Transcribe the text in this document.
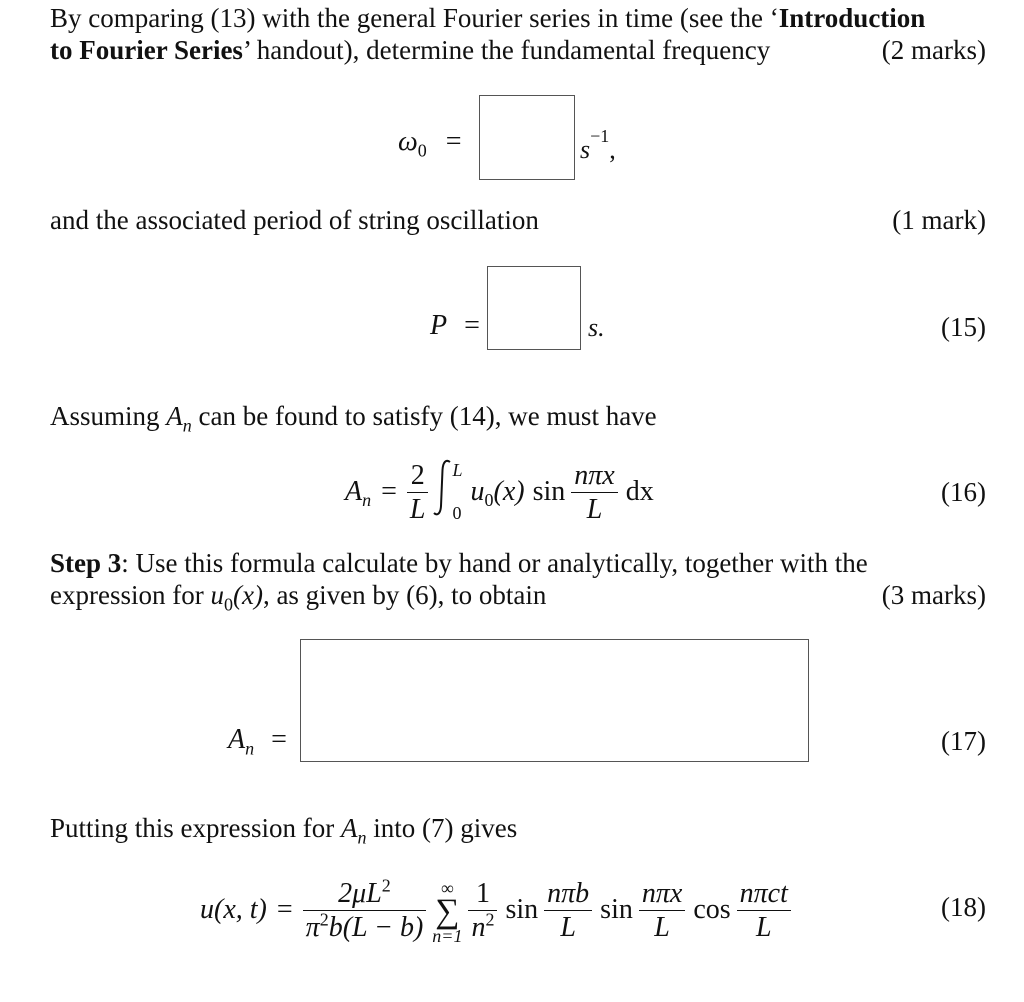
By comparing (13) with the general Fourier series in time (see the ‘Introduction
to Fourier Series’ handout), determine the fundamental frequency	(2 marks)
$\omega_0$ =	$s^{-1}$,
and the associated period of string oscillation	(1 mark)
P =	s.	(15)
Assuming $A_n$ can be found to satisfy (14), we must have
$A_n = \frac{2}{L}$ L
0
$u_0$ (x) $\sin \frac{\text{nπx}}{L}$ dx	(16)
Step 3: Use this formula calculate by hand or analytically, together with the
expression for $u_0(x)$, as given by (6), to obtain	(3 marks)
$A_n$ =	(17)
Putting this expression for $A_n$ into (7) gives
u(x, $t) = \frac{2\mu L^2}{\pi^2b(L - b)}$ ∞
∑
$n=1 \frac{1}{n^2}$ $\sin \frac{\text{nπb}}{L}$ $\sin \frac{\text{nπx}}{L}$ $\cos \frac{\text{nπct}}{L}$	(18)
